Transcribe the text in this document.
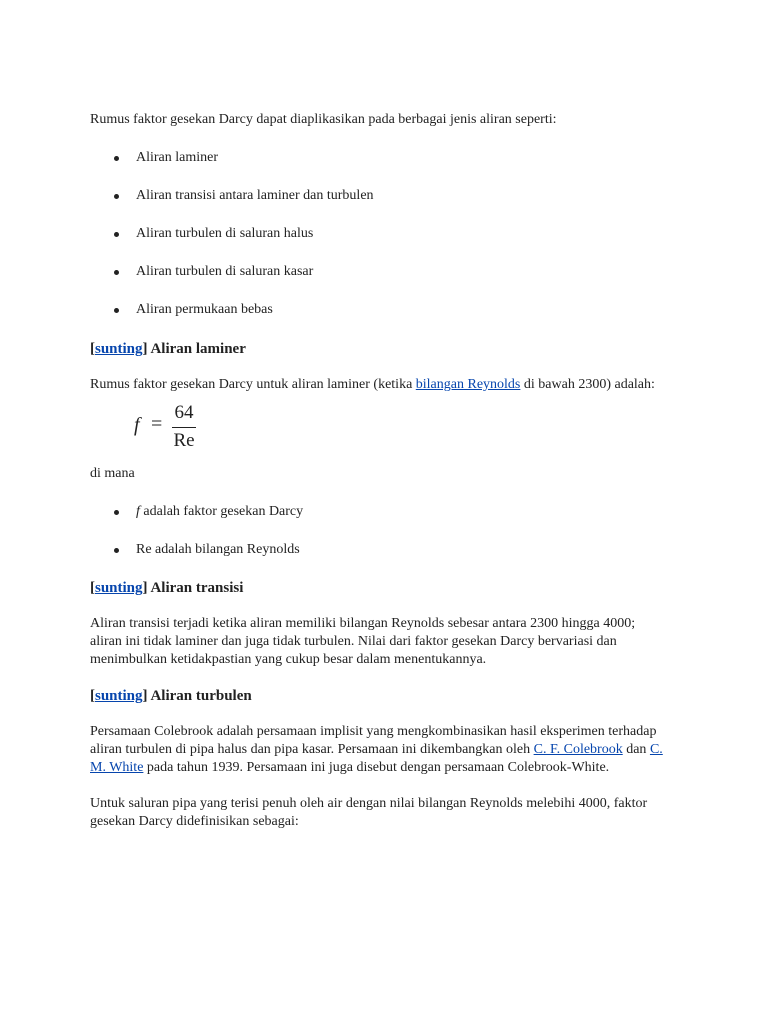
Rumus faktor gesekan Darcy dapat diaplikasikan pada berbagai jenis aliran seperti:

Aliran laminer
Aliran transisi antara laminer dan turbulen
Aliran turbulen di saluran halus
Aliran turbulen di saluran kasar
Aliran permukaan bebas
[sunting] Aliran laminer

Rumus faktor gesekan Darcy untuk aliran laminer (ketika bilangan Reynolds di bawah 2300) adalah:

f =
64
Re

di mana

f adalah faktor gesekan Darcy
Re adalah bilangan Reynolds
[sunting] Aliran transisi

Aliran transisi terjadi ketika aliran memiliki bilangan Reynolds sebesar antara 2300 hingga 4000; aliran ini tidak laminer dan juga tidak turbulen. Nilai dari faktor gesekan Darcy bervariasi dan menimbulkan ketidakpastian yang cukup besar dalam menentukannya.

[sunting] Aliran turbulen

Persamaan Colebrook adalah persamaan implisit yang mengkombinasikan hasil eksperimen terhadap aliran turbulen di pipa halus dan pipa kasar. Persamaan ini dikembangkan oleh C. F. Colebrook dan C. M. White pada tahun 1939. Persamaan ini juga disebut dengan persamaan Colebrook-White.

Untuk saluran pipa yang terisi penuh oleh air dengan nilai bilangan Reynolds melebihi 4000, faktor gesekan Darcy didefinisikan sebagai:
